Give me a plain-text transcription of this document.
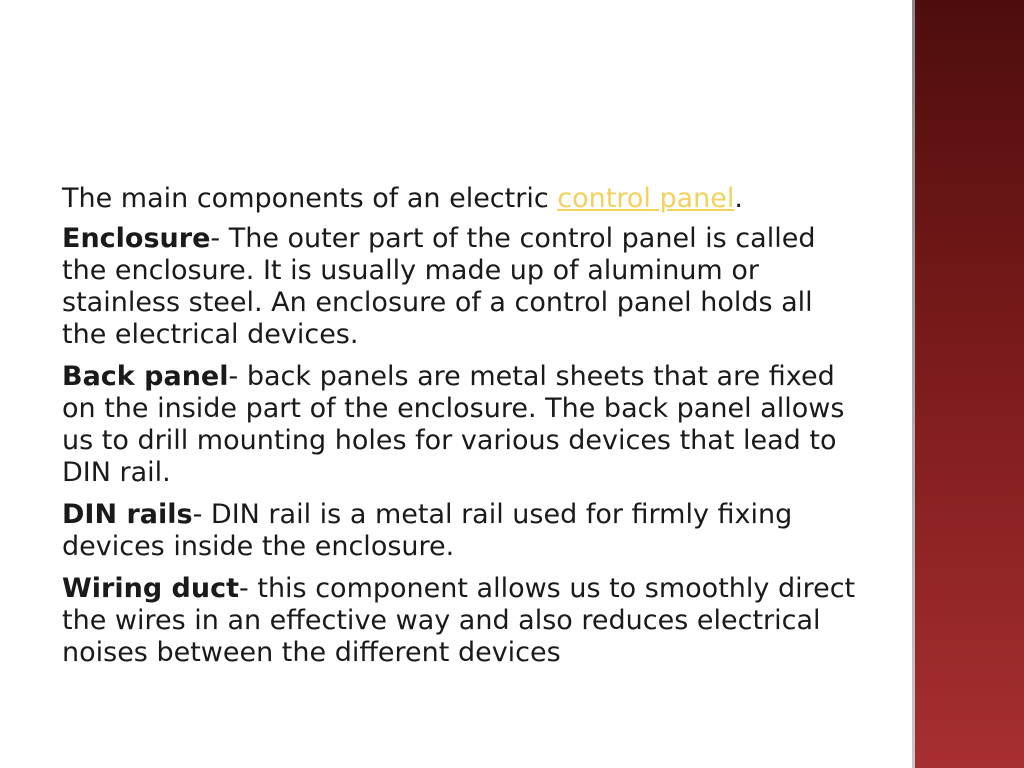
The main components of an electric control panel.

Enclosure- The outer part of the control panel is called the enclosure. It is usually made up of aluminum or stainless steel. An enclosure of a control panel holds all the electrical devices.

Back panel- back panels are metal sheets that are fixed on the inside part of the enclosure. The back panel allows us to drill mounting holes for various devices that lead to DIN rail.

DIN rails- DIN rail is a metal rail used for firmly fixing devices inside the enclosure.

Wiring duct- this component allows us to smoothly direct the wires in an effective way and also reduces electrical noises between the different devices
